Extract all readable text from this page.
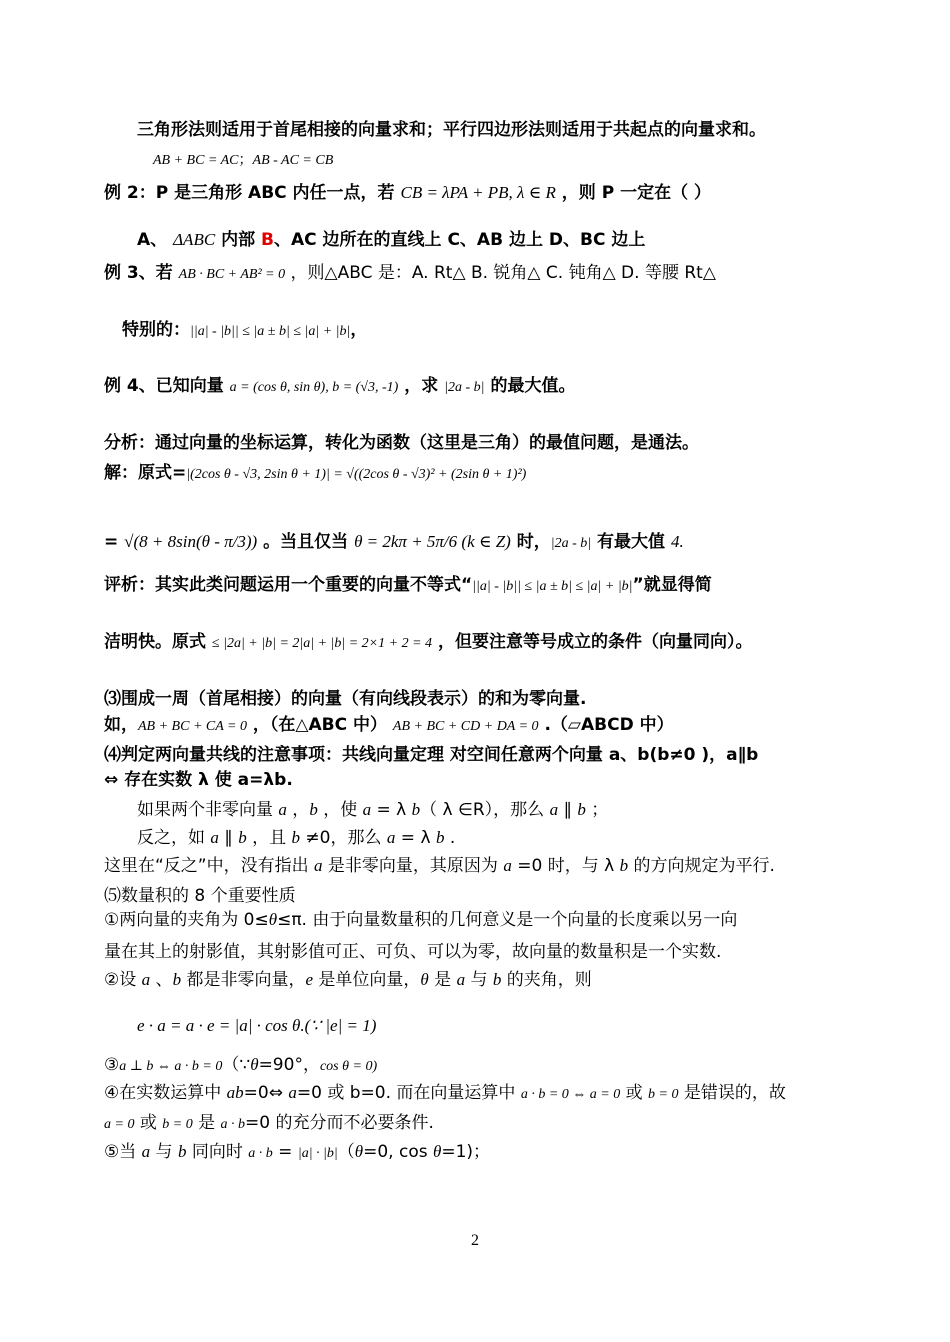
三角形法则适用于首尾相接的向量求和；平行四边形法则适用于共起点的向量求和。
AB + BC = AC；AB - AC = CB
例 2：P 是三角形 ABC 内任一点，若 CB = λPA + PB, λ ∈ R ，则 P 一定在（ ）
A、 ΔABC 内部 B、AC 边所在的直线上 C、AB 边上 D、BC 边上
例 3、若 AB · BC + AB² = 0 ，则△ABC 是：A. Rt△ B. 锐角△ C. 钝角△ D. 等腰 Rt△
特别的：||a| - |b|| ≤ |a ± b| ≤ |a| + |b|，
例 4、已知向量 a = (cos θ, sin θ), b = (√3, -1) ，求 |2a - b| 的最大值。
分析：通过向量的坐标运算，转化为函数（这里是三角）的最值问题，是通法。
解：原式=|(2cos θ - √3, 2sin θ + 1)| = √((2cos θ - √3)² + (2sin θ + 1)²)
= √(8 + 8sin(θ - π/3)) 。当且仅当 θ = 2kπ + 5π/6 (k ∈ Z) 时，|2a - b| 有最大值 4.
评析：其实此类问题运用一个重要的向量不等式“||a| - |b|| ≤ |a ± b| ≤ |a| + |b|”就显得简
洁明快。原式 ≤ |2a| + |b| = 2|a| + |b| = 2×1 + 2 = 4 ，但要注意等号成立的条件（向量同向）。
⑶围成一周（首尾相接）的向量（有向线段表示）的和为零向量.
如，AB + BC + CA = 0 ，（在△ABC 中） AB + BC + CD + DA = 0 .（▱ABCD 中）
⑷判定两向量共线的注意事项：共线向量定理 对空间任意两个向量 a、b(b≠0 )，a∥b
⇔ 存在实数 λ 使 a=λb.
如果两个非零向量 a ，b ，使 a = λ b（ λ ∈R），那么 a ∥ b ；
反之，如 a ∥ b ，且 b ≠0，那么 a = λ b .
这里在“反之”中，没有指出 a 是非零向量，其原因为 a =0 时，与 λ b 的方向规定为平行.
⑸数量积的 8 个重要性质
①两向量的夹角为 0≤θ≤π. 由于向量数量积的几何意义是一个向量的长度乘以另一向
量在其上的射影值，其射影值可正、可负、可以为零，故向量的数量积是一个实数.
②设 a 、b 都是非零向量，e 是单位向量，θ 是 a 与 b 的夹角，则
e · a = a · e = |a| · cos θ.(∵ |e| = 1)
③a ⊥ b ⇔ a · b = 0（∵θ=90°，cos θ = 0)
④在实数运算中 ab=0⇔ a=0 或 b=0. 而在向量运算中 a · b = 0 ⇔ a = 0 或 b = 0 是错误的，故
a = 0 或 b = 0 是 a · b=0 的充分而不必要条件.
⑤当 a 与 b 同向时 a · b = |a| · |b|（θ=0, cos θ=1)；
2
